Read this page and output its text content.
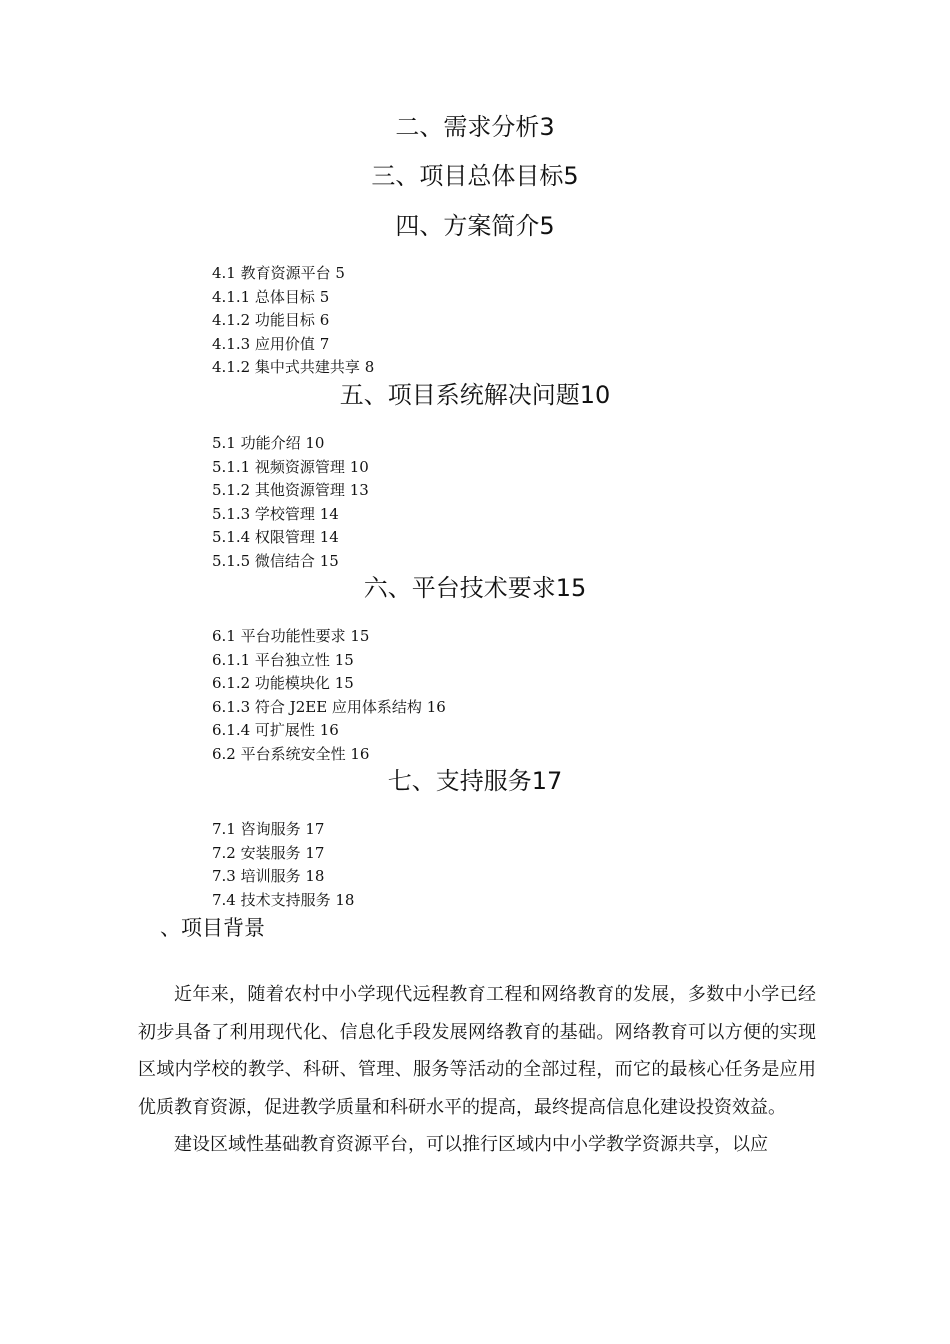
二、需求分析3
三、项目总体目标5
四、方案简介5
4.1 教育资源平台 5
4.1.1 总体目标 5
4.1.2 功能目标 6
4.1.3 应用价值 7
4.1.2 集中式共建共享 8
五、项目系统解决问题10
5.1 功能介绍 10
5.1.1 视频资源管理 10
5.1.2 其他资源管理 13
5.1.3 学校管理 14
5.1.4 权限管理 14
5.1.5 微信结合 15
六、平台技术要求15
6.1 平台功能性要求 15
6.1.1 平台独立性 15
6.1.2 功能模块化 15
6.1.3 符合 J2EE 应用体系结构 16
6.1.4 可扩展性 16
6.2 平台系统安全性 16
七、支持服务17
7.1 咨询服务 17
7.2 安装服务 17
7.3 培训服务 18
7.4 技术支持服务 18
、项目背景

近年来，随着农村中小学现代远程教育工程和网络教育的发展，多数中小学已经初步具备了利用现代化、信息化手段发展网络教育的基础。网络教育可以方便的实现区域内学校的教学、科研、管理、服务等活动的全部过程，而它的最核心任务是应用优质教育资源，促进教学质量和科研水平的提高，最终提高信息化建设投资效益。

建设区域性基础教育资源平台，可以推行区域内中小学教学资源共享，以应
